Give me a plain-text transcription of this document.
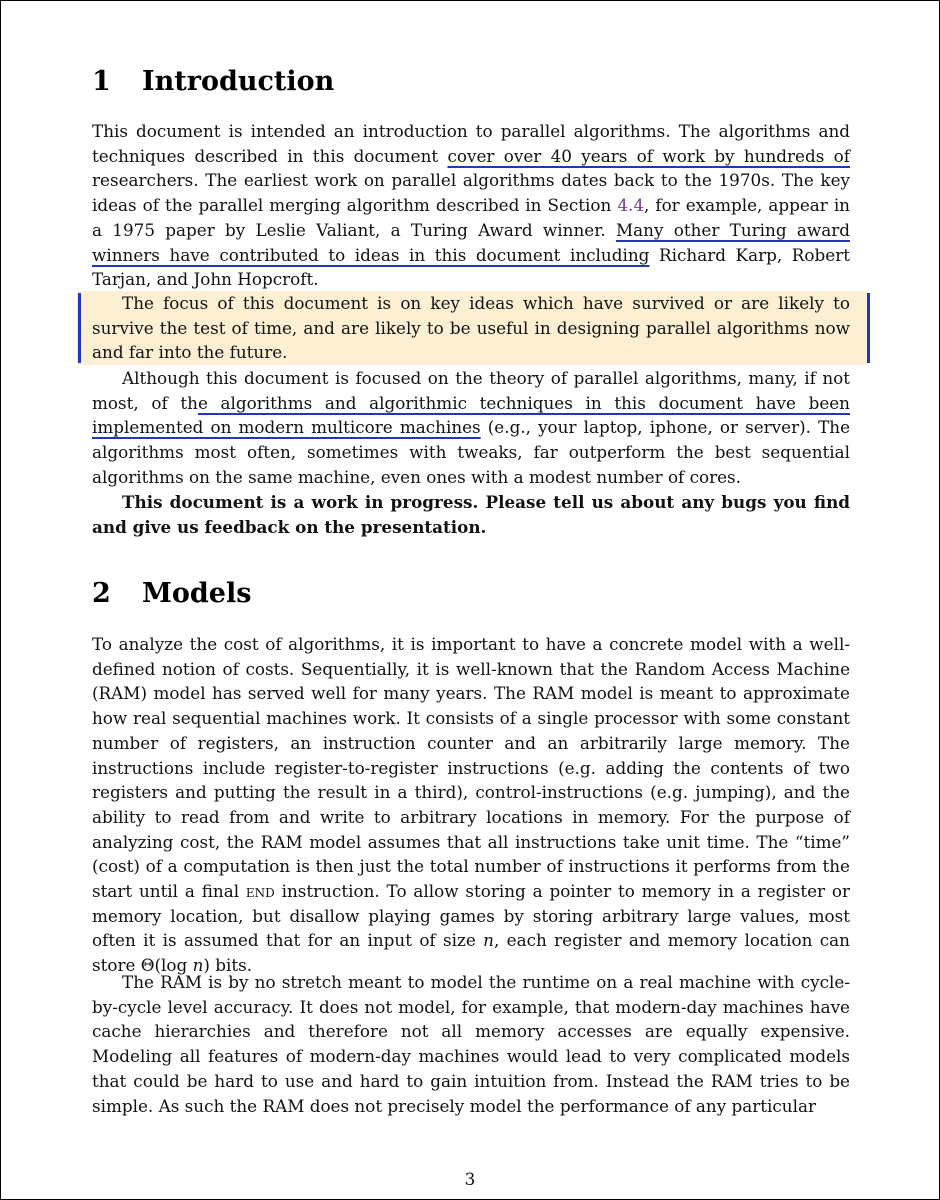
1 Introduction

This document is intended an introduction to parallel algorithms. The algorithms and techniques described in this document cover over 40 years of work by hundreds of researchers. The earliest work on parallel algorithms dates back to the 1970s. The key ideas of the parallel merging algorithm described in Section 4.4, for example, appear in a 1975 paper by Leslie Valiant, a Turing Award winner. Many other Turing award winners have contributed to ideas in this document including Richard Karp, Robert Tarjan, and John Hopcroft.

The focus of this document is on key ideas which have survived or are likely to survive the test of time, and are likely to be useful in designing parallel algorithms now and far into the future.

Although this document is focused on the theory of parallel algorithms, many, if not most, of the algorithms and algorithmic techniques in this document have been implemented on modern multicore machines (e.g., your laptop, iphone, or server). The algorithms most often, sometimes with tweaks, far outperform the best sequential algorithms on the same machine, even ones with a modest number of cores.

This document is a work in progress. Please tell us about any bugs you find and give us feedback on the presentation.

2 Models

To analyze the cost of algorithms, it is important to have a concrete model with a well-defined notion of costs. Sequentially, it is well-known that the Random Access Machine (RAM) model has served well for many years. The RAM model is meant to approximate how real sequential machines work. It consists of a single processor with some constant number of registers, an instruction counter and an arbitrarily large memory. The instructions include register-to-register instructions (e.g. adding the contents of two registers and putting the result in a third), control-instructions (e.g. jumping), and the ability to read from and write to arbitrary locations in memory. For the purpose of analyzing cost, the RAM model assumes that all instructions take unit time. The “time” (cost) of a computation is then just the total number of instructions it performs from the start until a final end instruction. To allow storing a pointer to memory in a register or memory location, but disallow playing games by storing arbitrary large values, most often it is assumed that for an input of size n, each register and memory location can store Θ(log n) bits.

The RAM is by no stretch meant to model the runtime on a real machine with cycle-by-cycle level accuracy. It does not model, for example, that modern-day machines have cache hierarchies and therefore not all memory accesses are equally expensive. Modeling all features of modern-day machines would lead to very complicated models that could be hard to use and hard to gain intuition from. Instead the RAM tries to be simple. As such the RAM does not precisely model the performance of any particular

3
